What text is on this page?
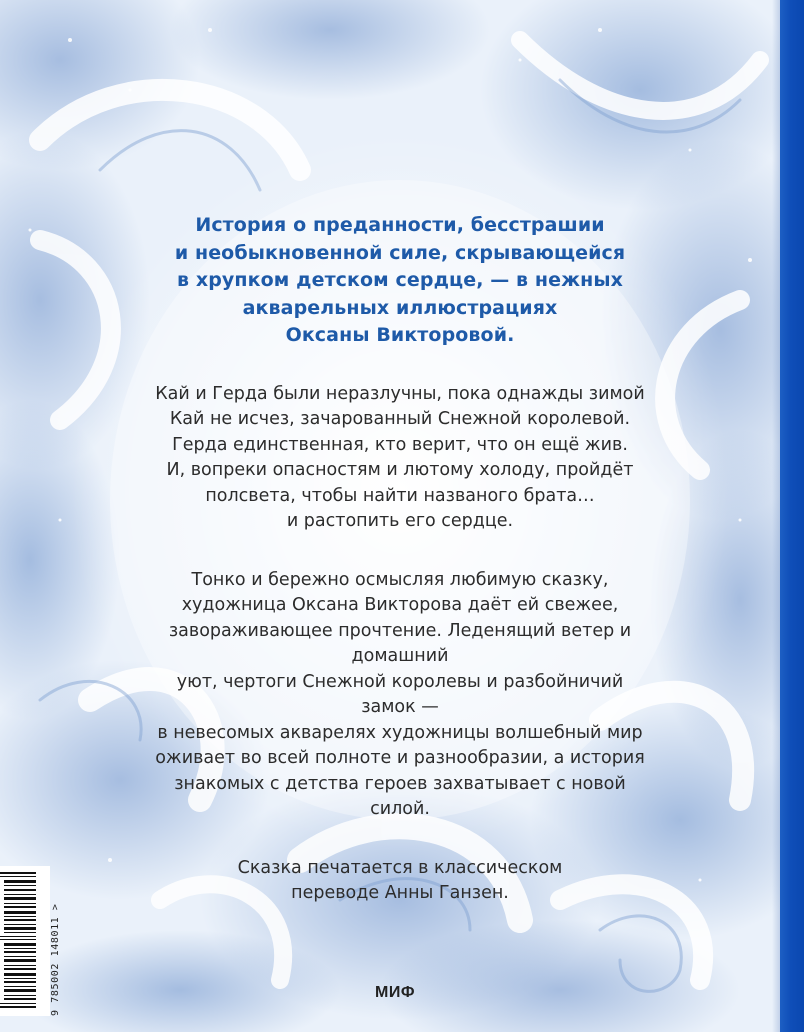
История о преданности, бесстрашии
и необыкновенной силе, скрывающейся
в хрупком детском сердце, — в нежных
акварельных иллюстрациях
Оксаны Викторовой.
Кай и Герда были неразлучны, пока однажды зимой
Кай не исчез, зачарованный Снежной королевой.
Герда единственная, кто верит, что он ещё жив.
И, вопреки опасностям и лютому холоду, пройдёт
полсвета, чтобы найти названого брата…
и растопить его сердце.
Тонко и бережно осмысляя любимую сказку,
художница Оксана Викторова даёт ей свежее,
завораживающее прочтение. Леденящий ветер и домашний
уют, чертоги Снежной королевы и разбойничий замок —
в невесомых акварелях художницы волшебный мир
оживает во всей полноте и разнообразии, а история
знакомых с детства героев захватывает с новой силой.
Сказка печатается в классическом
переводе Анны Ганзен.
9 785002 148011 >	МИФ
